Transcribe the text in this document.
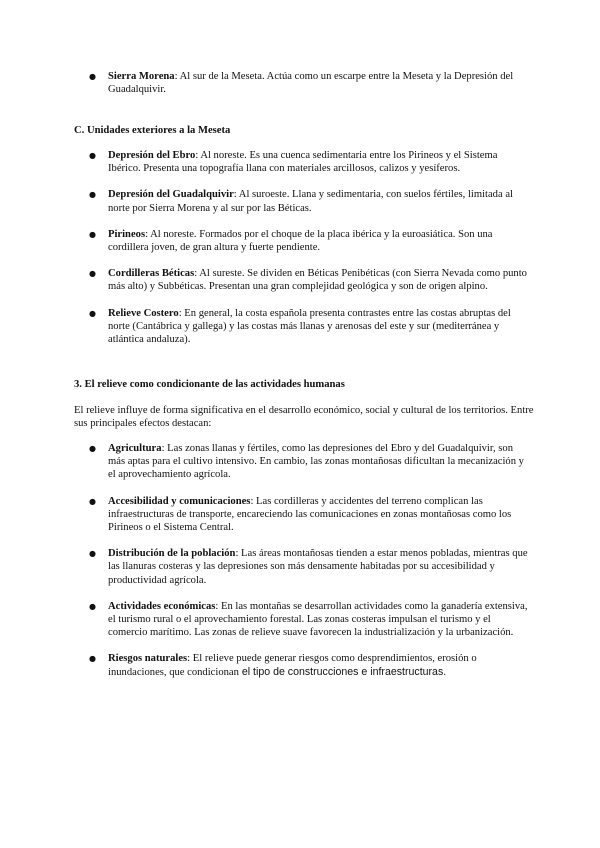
● Sierra Morena: Al sur de la Meseta. Actúa como un escarpe entre la Meseta y la Depresión del Guadalquivir.
C. Unidades exteriores a la Meseta
● Depresión del Ebro: Al noreste. Es una cuenca sedimentaria entre los Pirineos y el Sistema Ibérico. Presenta una topografía llana con materiales arcillosos, calizos y yesíferos.
● Depresión del Guadalquivir: Al suroeste. Llana y sedimentaria, con suelos fértiles, limitada al norte por Sierra Morena y al sur por las Béticas.
● Pirineos: Al noreste. Formados por el choque de la placa ibérica y la euroasiática. Son una cordillera joven, de gran altura y fuerte pendiente.
● Cordilleras Béticas: Al sureste. Se dividen en Béticas Penibéticas (con Sierra Nevada como punto más alto) y Subbéticas. Presentan una gran complejidad geológica y son de origen alpino.
● Relieve Costero: En general, la costa española presenta contrastes entre las costas abruptas del norte (Cantábrica y gallega) y las costas más llanas y arenosas del este y sur (mediterránea y atlántica andaluza).
3. El relieve como condicionante de las actividades humanas
El relieve influye de forma significativa en el desarrollo económico, social y cultural de los territorios. Entre sus principales efectos destacan:
● Agricultura: Las zonas llanas y fértiles, como las depresiones del Ebro y del Guadalquivir, son más aptas para el cultivo intensivo. En cambio, las zonas montañosas dificultan la mecanización y el aprovechamiento agrícola.
● Accesibilidad y comunicaciones: Las cordilleras y accidentes del terreno complican las infraestructuras de transporte, encareciendo las comunicaciones en zonas montañosas como los Pirineos o el Sistema Central.
● Distribución de la población: Las áreas montañosas tienden a estar menos pobladas, mientras que las llanuras costeras y las depresiones son más densamente habitadas por su accesibilidad y productividad agrícola.
● Actividades económicas: En las montañas se desarrollan actividades como la ganadería extensiva, el turismo rural o el aprovechamiento forestal. Las zonas costeras impulsan el turismo y el comercio marítimo. Las zonas de relieve suave favorecen la industrialización y la urbanización.
● Riesgos naturales: El relieve puede generar riesgos como desprendimientos, erosión o inundaciones, que condicionan el tipo de construcciones e infraestructuras.
